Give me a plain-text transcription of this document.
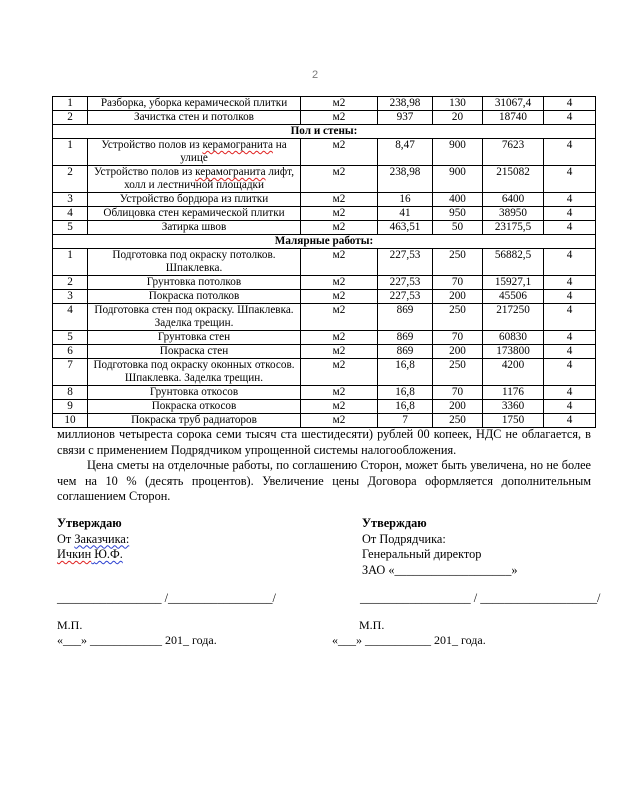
2
1	Разборка, уборка керамической плитки	м2	238,98	130	31067,4	4
2	Зачистка стен и потолков	м2	937	20	18740	4
Пол и стены:						
1	Устройство полов из керамогранита на улице	м2	8,47	900	7623	4
2	Устройство полов из керамогранита лифт, холл и лестничной площадки	м2	238,98	900	215082	4
3	Устройство бордюра из плитки	м2	16	400	6400	4
4	Облицовка стен керамической плитки	м2	41	950	38950	4
5	Затирка швов	м2	463,51	50	23175,5	4
Малярные работы:						
1	Подготовка под окраску потолков. Шпаклевка.	м2	227,53	250	56882,5	4
2	Грунтовка потолков	м2	227,53	70	15927,1	4
3	Покраска потолков	м2	227,53	200	45506	4
4	Подготовка стен под окраску. Шпаклевка. Заделка трещин.	м2	869	250	217250	4
5	Грунтовка стен	м2	869	70	60830	4
6	Покраска стен	м2	869	200	173800	4
7	Подготовка под окраску оконных откосов. Шпаклевка. Заделка трещин.	м2	16,8	250	4200	4
8	Грунтовка откосов	м2	16,8	70	1176	4
9	Покраска откосов	м2	16,8	200	3360	4
10	Покраска труб радиаторов	м2	7	250	1750	4
миллионов четыреста сорока семи тысяч ста шестидесяти) рублей 00 копеек, НДС не облагается, в связи с применением Подрядчиком упрощенной системы налогообложения.
Цена сметы на отделочные работы, по соглашению Сторон, может быть увеличена, но не более чем на 10 % (десять процентов). Увеличение цены Договора оформляется дополнительным соглашением Сторон.
Утверждаю
От Заказчика:
Ичкин Ю.Ф.
Утверждаю
От Подрядчика:
Генеральный директор
ЗАО «___________________»
_________________ /_________________/	__________________ / ___________________/
М.П.
«___» ____________ 201_ года.
М.П.
«___» ___________ 201_ года.
